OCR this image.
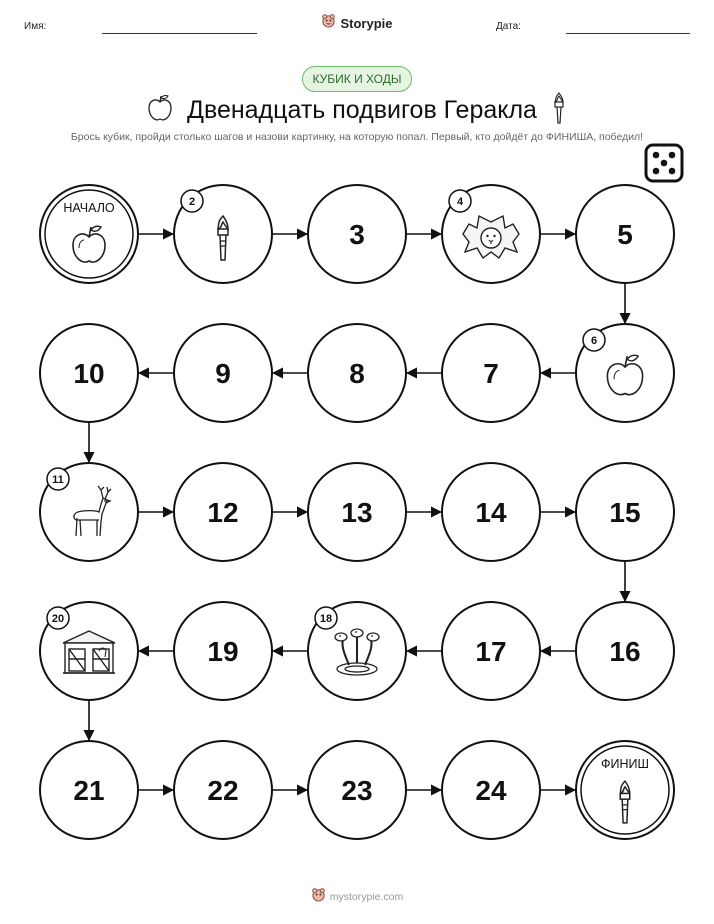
Имя:	Storypie	Дата:
КУБИК И ХОДЫ
Двенадцать подвигов Геракла
Брось кубик, пройди столько шагов и назови картинку, на которую попал. Первый, кто дойдёт до ФИНИША, победил!
НАЧАЛО	2
3
4
5
6
7
8
9
10
11
12	13	14	15
16
17
18
19
20
21	22	23	24
ФИНИШ
mystorypie.com
